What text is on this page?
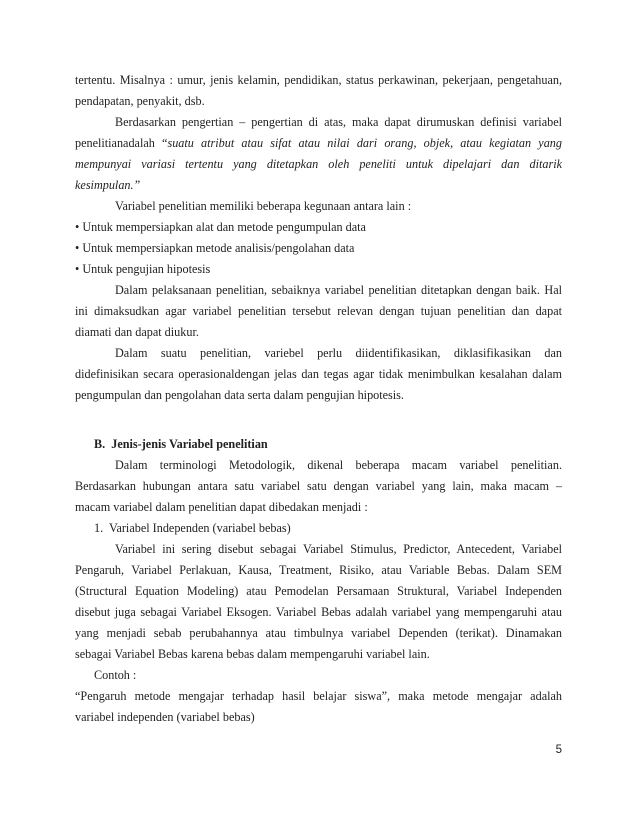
tertentu. Misalnya : umur, jenis kelamin, pendidikan, status perkawinan, pekerjaan, pengetahuan,
pendapatan, penyakit, dsb.
Berdasarkan pengertian – pengertian di atas, maka dapat dirumuskan definisi variabel
penelitianadalah “suatu atribut atau sifat atau nilai dari orang, objek, atau kegiatan yang
mempunyai variasi tertentu yang ditetapkan oleh peneliti untuk dipelajari dan ditarik
kesimpulan.”
Variabel penelitian memiliki beberapa kegunaan antara lain :
• Untuk mempersiapkan alat dan metode pengumpulan data
• Untuk mempersiapkan metode analisis/pengolahan data
• Untuk pengujian hipotesis
Dalam pelaksanaan penelitian, sebaiknya variabel penelitian ditetapkan dengan baik. Hal
ini dimaksudkan agar variabel penelitian tersebut relevan dengan tujuan penelitian dan dapat
diamati dan dapat diukur.
Dalam suatu penelitian, variebel perlu diidentifikasikan, diklasifikasikan dan
didefinisikan secara operasionaldengan jelas dan tegas agar tidak menimbulkan kesalahan dalam
pengumpulan dan pengolahan data serta dalam pengujian hipotesis.
B.  Jenis-jenis Variabel penelitian
Dalam terminologi Metodologik, dikenal beberapa macam variabel penelitian.
Berdasarkan hubungan antara satu variabel satu dengan variabel yang lain, maka macam –
macam variabel dalam penelitian dapat dibedakan menjadi :
1.  Variabel Independen (variabel bebas)
Variabel ini sering disebut sebagai Variabel Stimulus, Predictor, Antecedent, Variabel
Pengaruh, Variabel Perlakuan, Kausa, Treatment, Risiko, atau Variable Bebas. Dalam SEM
(Structural Equation Modeling) atau Pemodelan Persamaan Struktural, Variabel Independen
disebut juga sebagai Variabel Eksogen. Variabel Bebas adalah variabel yang mempengaruhi atau
yang menjadi sebab perubahannya atau timbulnya variabel Dependen (terikat). Dinamakan
sebagai Variabel Bebas karena bebas dalam mempengaruhi variabel lain.
Contoh :
“Pengaruh metode mengajar terhadap hasil belajar siswa”, maka metode mengajar adalah
variabel independen (variabel bebas)
5
